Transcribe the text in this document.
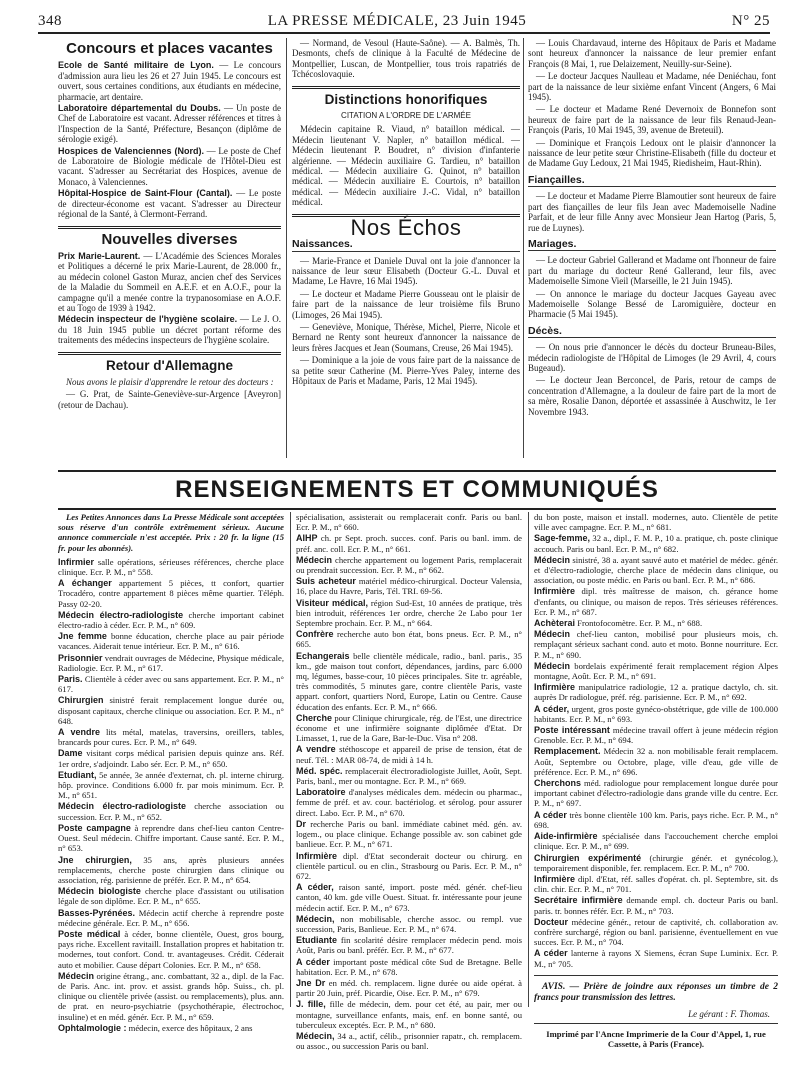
348	LA PRESSE MÉDICALE, 23 Juin 1945	N° 25
Concours et places vacantes

Ecole de Santé militaire de Lyon. — Le concours d'admission aura lieu les 26 et 27 Juin 1945. Le concours est ouvert, sous certaines conditions, aux étudiants en médecine, pharmacie, art dentaire.

Laboratoire départemental du Doubs. — Un poste de Chef de Laboratoire est vacant. Adresser références et titres à l'Inspection de la Santé, Préfecture, Besançon (diplôme de sérologie exigé).

Hospices de Valenciennes (Nord). — Le poste de Chef de Laboratoire de Biologie médicale de l'Hôtel-Dieu est vacant. S'adresser au Secrétariat des Hospices, avenue de Monaco, à Valenciennes.

Hôpital-Hospice de Saint-Flour (Cantal). — Le poste de directeur-économe est vacant. S'adresser au Directeur régional de la Santé, à Clermont-Ferrand.

Nouvelles diverses

Prix Marie-Laurent. — L'Académie des Sciences Morales et Politiques a décerné le prix Marie-Laurent, de 28.000 fr., au médecin colonel Gaston Muraz, ancien chef des Services de la Maladie du Sommeil en A.E.F. et en A.O.F., pour la campagne qu'il a menée contre la trypanosomiase en A.O.F. et au Togo de 1939 à 1942.

Médecin inspecteur de l'hygiène scolaire. — Le J. O. du 18 Juin 1945 publie un décret portant réforme des traitements des médecins inspecteurs de l'hygiène scolaire.

Retour d'Allemagne

Nous avons le plaisir d'apprendre le retour des docteurs :

— G. Prat, de Sainte-Geneviève-sur-Argence [Aveyron] (retour de Dachau).

— Normand, de Vesoul (Haute-Saône). — A. Balmès, Th. Desmonts, chefs de clinique à la Faculté de Médecine de Montpellier, Luscan, de Montpellier, tous trois rapatriés de Tchécoslovaquie.

Distinctions honorifiques
CITATION A L'ORDRE DE L'ARMÉE

Médecin capitaine R. Viaud, n° bataillon médical. — Médecin lieutenant V. Napler, n° bataillon médical. — Médecin lieutenant P. Boudret, n° division d'infanterie algérienne. — Médecin auxiliaire G. Tardieu, n° bataillon médical. — Médecin auxiliaire G. Quinot, n° bataillon médical. — Médecin auxiliaire E. Courtois, n° bataillon médical. — Médecin auxiliaire J.-C. Vidal, n° bataillon médical.

Nos Échos
Naissances.

— Marie-France et Daniele Duval ont la joie d'annoncer la naissance de leur sœur Elisabeth (Docteur G.-L. Duval et Madame, Le Havre, 16 Mai 1945).

— Le docteur et Madame Pierre Gousseau ont le plaisir de faire part de la naissance de leur troisième fils Bruno (Limoges, 26 Mai 1945).

— Geneviève, Monique, Thérèse, Michel, Pierre, Nicole et Bernard ne Renty sont heureux d'annoncer la naissance de leurs frères Jacques et Jean (Soumans, Creuse, 26 Mai 1945).

— Dominique a la joie de vous faire part de la naissance de sa petite sœur Catherine (M. Pierre-Yves Paley, interne des Hôpitaux de Paris et Madame, Paris, 12 Mai 1945).

— Louis Chardavaud, interne des Hôpitaux de Paris et Madame sont heureux d'annoncer la naissance de leur premier enfant François (8 Mai, 1, rue Delaizement, Neuilly-sur-Seine).

— Le docteur Jacques Naulleau et Madame, née Deniéchau, font part de la naissance de leur sixième enfant Vincent (Angers, 6 Mai 1945).

— Le docteur et Madame René Devernoix de Bonnefon sont heureux de faire part de la naissance de leur fils Renaud-Jean-François (Paris, 10 Mai 1945, 39, avenue de Breteuil).

— Dominique et François Ledoux ont le plaisir d'annoncer la naissance de leur petite sœur Christine-Elisabeth (fille du docteur et de Madame Guy Ledoux, 21 Mai 1945, Riedisheim, Haut-Rhin).

Fiançailles.

— Le docteur et Madame Pierre Blamoutier sont heureux de faire part des fiançailles de leur fils Jean avec Mademoiselle Nadine Parfait, et de leur fille Anny avec Monsieur Jean Hartog (Paris, 5, rue de Luynes).

Mariages.

— Le docteur Gabriel Gallerand et Madame ont l'honneur de faire part du mariage du docteur René Gallerand, leur fils, avec Mademoiselle Simone Vieil (Marseille, le 21 Juin 1945).

— On annonce le mariage du docteur Jacques Gayeau avec Mademoiselle Solange Bessé de Laromiguière, docteur en Pharmacie (5 Mai 1945).

Décès.

— On nous prie d'annoncer le décès du docteur Bruneau-Biles, médecin radiologiste de l'Hôpital de Limoges (le 29 Avril, 4, cours Bugeaud).

— Le docteur Jean Berconcel, de Paris, retour de camps de concentration d'Allemagne, a la douleur de faire part de la mort de sa mère, Rosalie Danon, déportée et assassinée à Auschwitz, le 1er Novembre 1943.

RENSEIGNEMENTS ET COMMUNIQUÉS

Les Petites Annonces dans La Presse Médicale sont acceptées sous réserve d'un contrôle extrêmement sérieux. Aucune annonce commerciale n'est acceptée. Prix : 20 fr. la ligne (15 fr. pour les abonnés).

Infirmier salle opérations, sérieuses références, cherche place clinique. Ecr. P. M., n° 558.

A échanger appartement 5 pièces, tt confort, quartier Trocadéro, contre appartement 8 pièces même quartier. Téléph. Passy 02-20.

Médecin électro-radiologiste cherche important cabinet électro-radio à céder. Ecr. P. M., n° 609.

Jne femme bonne éducation, cherche place au pair période vacances. Aiderait tenue intérieur. Ecr. P. M., n° 616.

Prisonnier vendrait ouvrages de Médecine, Physique médicale, Radiologie. Ecr. P. M., n° 617.

Paris. Clientèle à céder avec ou sans appartement. Ecr. P. M., n° 617.

Chirurgien sinistré ferait remplacement longue durée ou, disposant capitaux, cherche clinique ou association. Ecr. P. M., n° 648.

A vendre lits métal, matelas, traversins, oreillers, tables, brancards pour cures. Ecr. P. M., n° 649.

Dame visitant corps médical parisien depuis quinze ans. Réf. 1er ordre, s'adjoindr. Labo sér. Ecr. P. M., n° 650.

Etudiant, 5e année, 3e année d'externat, ch. pl. interne chirurg. hôp. province. Conditions 6.000 fr. par mois minimum. Ecr. P. M., n° 651.

Médecin électro-radiologiste cherche association ou succession. Ecr. P. M., n° 652.

Poste campagne à reprendre dans chef-lieu canton Centre-Ouest. Seul médecin. Chiffre important. Cause santé. Ecr. P. M., n° 653.

Jne chirurgien, 35 ans, après plusieurs années remplacements, cherche poste chirurgien dans clinique ou association, rég. parisienne de préfér. Ecr. P. M., n° 654.

Médecin biologiste cherche place d'assistant ou utilisation légale de son diplôme. Ecr. P. M., n° 655.

Basses-Pyrénées. Médecin actif cherche à reprendre poste médecine générale. Ecr. P. M., n° 656.

Poste médical à céder, bonne clientèle, Ouest, gros bourg, pays riche. Excellent ravitaill. Installation propres et habitation tr. modernes, tout confort. Cond. tr. avantageuses. Crédit. Céderait auto et mobilier. Cause départ Colonies. Ecr. P. M., n° 658.

Médecin origine étrang., anc. combattant, 32 a., dipl. de la Fac. de Paris. Anc. int. prov. et assist. grands hôp. Suiss., ch. pl. clinique ou clientèle privée (assist. ou remplacements), plus. ann. de prat. en neuro-psychiatrie (psychothérapie, électrochoc, insuline) et en méd. génér. Ecr. P. M., n° 659.

Ophtalmologie : médecin, exerce des hôpitaux, 2 ans

spécialisation, assisterait ou remplacerait confr. Paris ou banl. Ecr. P. M., n° 660.

AIHP ch. pr Sept. proch. succes. conf. Paris ou banl. imm. de préf. anc. coll. Ecr. P. M., n° 661.

Médecin cherche appartement ou logement Paris, remplacerait ou prendrait succession. Ecr. P. M., n° 662.

Suis acheteur matériel médico-chirurgical. Docteur Valensia, 16, place du Havre, Paris, Tél. TRI. 69-56.

Visiteur médical, région Sud-Est, 10 années de pratique, très bien introduit, références 1er ordre, cherche 2e Labo pour 1er Septembre prochain. Ecr. P. M., n° 664.

Confrère recherche auto bon état, bons pneus. Ecr. P. M., n° 665.

Echangerais belle clientèle médicale, radio., banl. paris., 35 km., gde maison tout confort, dépendances, jardins, parc 6.000 mq, légumes, basse-cour, 10 pièces principales. Site tr. agréable, très commodités, 5 minutes gare, contre clientèle Paris, vaste appart. confort, quartiers Nord, Europe, Latin ou Centre. Cause éducation des enfants. Ecr. P. M., n° 666.

Cherche pour Clinique chirurgicale, rég. de l'Est, une directrice économe et une infirmière soignante diplômée d'Etat. Dr Limasset, 1, rue de la Gare, Bar-le-Duc. Visa n° 208.

A vendre stéthoscope et appareil de prise de tension, état de neuf. Tél. : MAR 08-74, de midi à 14 h.

Méd. spéc. remplacerait électroradiologiste Juillet, Août, Sept. Paris, banl., mer ou montagne. Ecr. P. M., n° 669.

Laboratoire d'analyses médicales dem. médecin ou pharmac., femme de préf. et av. cour. bactériolog. et sérolog. pour assurer direct. Labo. Ecr. P. M., n° 670.

Dr recherche Paris ou banl. immédiate cabinet méd. gén. av. logem., ou place clinique. Echange possible av. son cabinet gde banlieue. Ecr. P. M., n° 671.

Infirmière dipl. d'Etat seconderait docteur ou chirurg. en clientèle particul. ou en clin., Strasbourg ou Paris. Ecr. P. M., n° 672.

A céder, raison santé, import. poste méd. génér. chef-lieu canton, 40 km. gde ville Ouest. Situat. fr. intéressante pour jeune médecin actif. Ecr. P. M., n° 673.

Médecin, non mobilisable, cherche assoc. ou rempl. vue succession, Paris, Banlieue. Ecr. P. M., n° 674.

Etudiante fin scolarité désire remplacer médecin pend. mois Août, Paris ou banl. préfér. Ecr. P. M., n° 677.

A céder important poste médical côte Sud de Bretagne. Belle habitation. Ecr. P. M., n° 678.

Jne Dr en méd. ch. remplacem. ligne durée ou aide opérat. à partir 20 Juin, préf. Picardie, Oise. Ecr. P. M., n° 679.

J. fille, fille de médecin, dem. pour cet été, au pair, mer ou montagne, surveillance enfants, mais, enf. en bonne santé, ou tuberculeux exceptés. Ecr. P. M., n° 680.

Médecin, 34 a., actif, célib., prisonnier rapatr., ch. remplacem. ou assoc., ou succession Paris ou banl.

du bon poste, maison et install. modernes, auto. Clientèle de petite ville avec campagne. Ecr. P. M., n° 681.

Sage-femme, 32 a., dipl., F. M. P., 10 a. pratique, ch. poste clinique accouch. Paris ou banl. Ecr. P. M., n° 682.

Médecin sinistré, 38 a. ayant sauvé auto et matériel de médec. génér. et d'électro-radiologie, cherche place de médecin dans clinique, ou association, ou poste médic. en Paris ou banl. Ecr. P. M., n° 686.

Infirmière dipl. très maîtresse de maison, ch. gérance home d'enfants, ou clinique, ou maison de repos. Très sérieuses références. Ecr. P. M., n° 687.

Achèterai Frontofocomètre. Ecr. P. M., n° 688.

Médecin chef-lieu canton, mobilisé pour plusieurs mois, ch. remplaçant sérieux sachant cond. auto et moto. Bonne nourriture. Ecr. P. M., n° 690.

Médecin bordelais expérimenté ferait remplacement région Alpes montagne, Août. Ecr. P. M., n° 691.

Infirmière manipulatrice radiologie, 12 a. pratique dactylo, ch. sit. auprès Dr radiologue, préf. rég. parisienne. Ecr. P. M., n° 692.

A céder, urgent, gros poste gynéco-obstétrique, gde ville de 100.000 habitants. Ecr. P. M., n° 693.

Poste intéressant médecine travail offert à jeune médecin région Grenoble. Ecr. P. M., n° 694.

Remplacement. Médecin 32 a. non mobilisable ferait remplacem. Août, Septembre ou Octobre, plage, ville d'eau, gde ville de préférence. Ecr. P. M., n° 696.

Cherchons méd. radiologue pour remplacement longue durée pour important cabinet d'électro-radiologie dans grande ville du centre. Ecr. P. M., n° 697.

A céder très bonne clientèle 100 km. Paris, pays riche. Ecr. P. M., n° 698.

Aide-infirmière spécialisée dans l'accouchement cherche emploi clinique. Ecr. P. M., n° 699.

Chirurgien expérimenté (chirurgie génér. et gynécolog.), temporairement disponible, fer. remplacem. Ecr. P. M., n° 700.

Infirmière dipl. d'Etat, réf. salles d'opérat. ch. pl. Septembre, sit. ds clin. chir. Ecr. P. M., n° 701.

Secrétaire infirmière demande empl. ch. docteur Paris ou banl. paris. tr. bonnes référ. Ecr. P. M., n° 703.

Docteur médecine génér., retour de captivité, ch. collaboration av. confrère surchargé, région ou banl. parisienne, éventuellement en vue succes. Ecr. P. M., n° 704.

A céder lanterne à rayons X Siemens, écran Supe Luminix. Ecr. P. M., n° 705.

AVIS. — Prière de joindre aux réponses un timbre de 2 francs pour transmission des lettres.

Le gérant : F. Thomas.
Imprimé par l'Ancne Imprimerie de la Cour d'Appel, 1, rue Cassette, à Paris (France).
